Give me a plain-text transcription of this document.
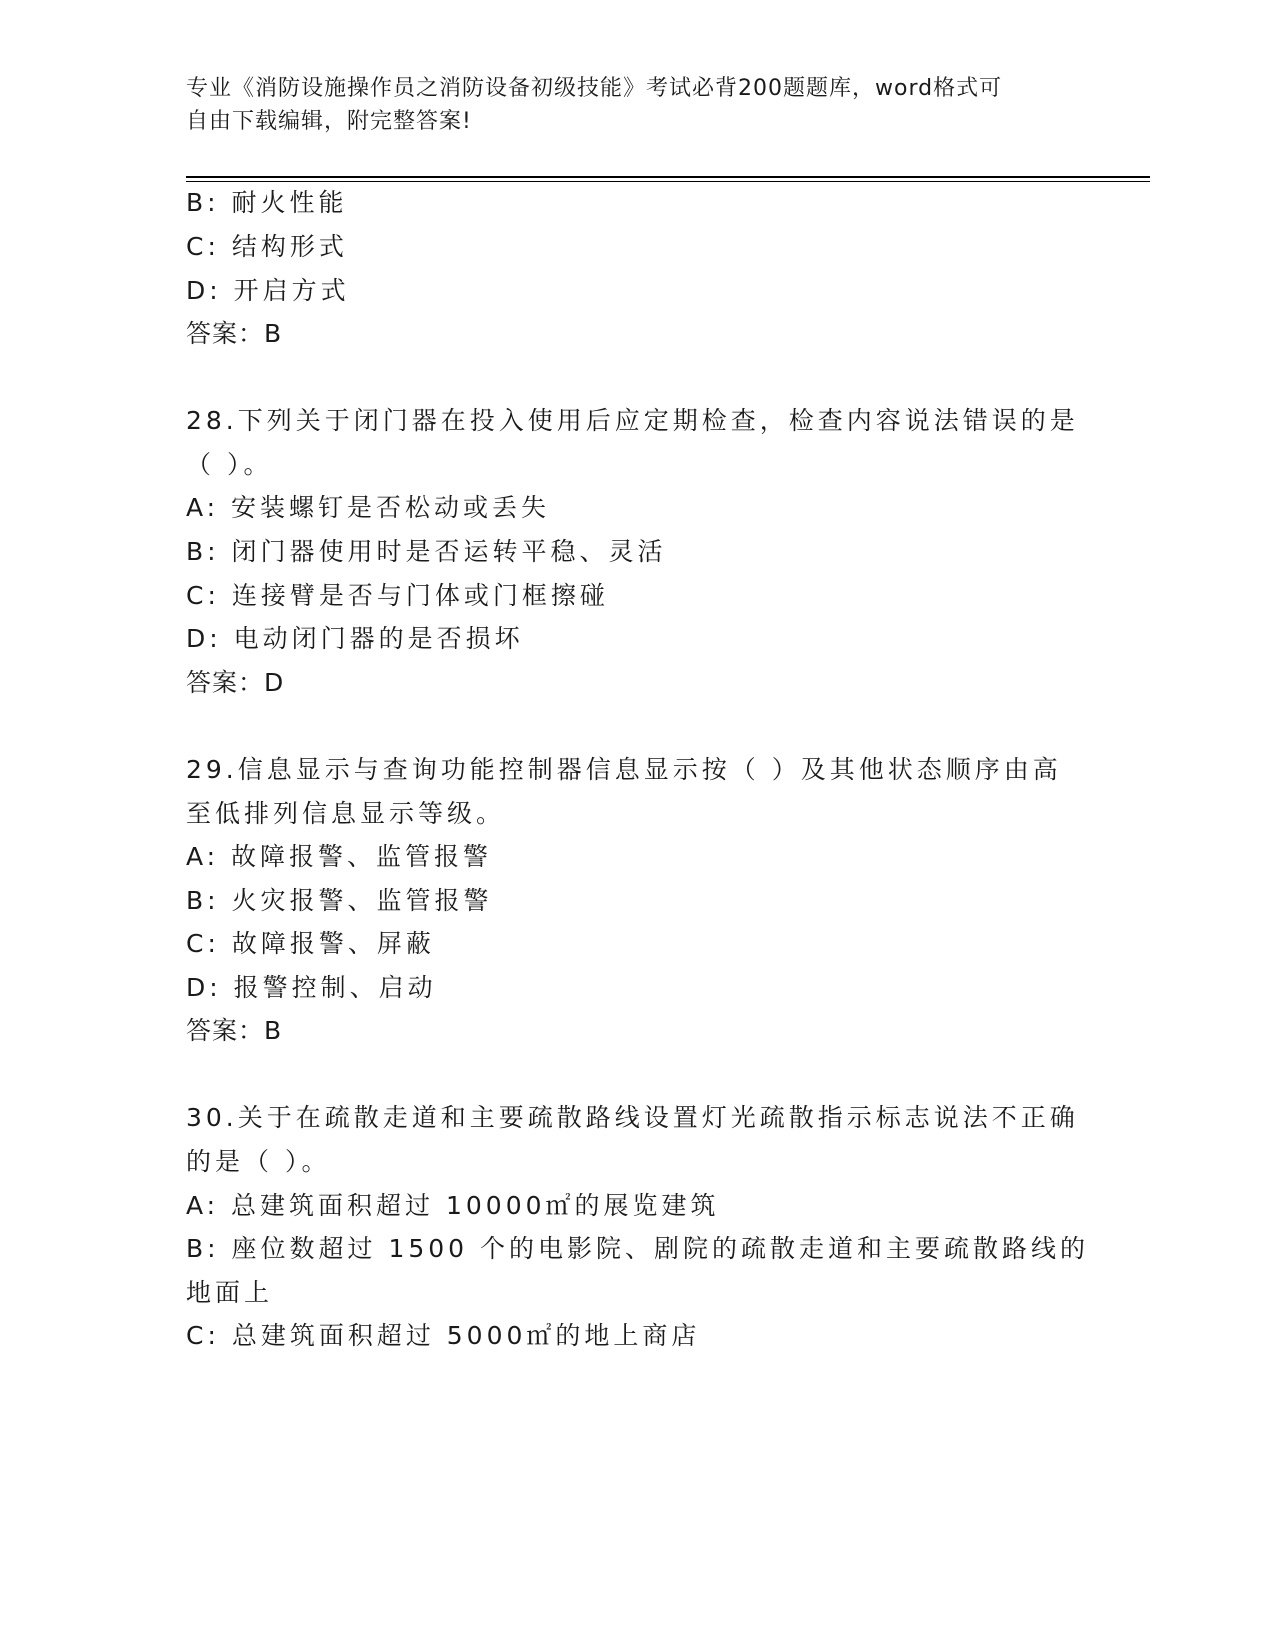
专业《消防设施操作员之消防设备初级技能》考试必背200题题库，word格式可
自由下载编辑，附完整答案!
B: 耐火性能
C: 结构形式
D: 开启方式
答案：B
28.下列关于闭门器在投入使用后应定期检查，检查内容说法错误的是
（ ）。
A: 安装螺钉是否松动或丢失
B: 闭门器使用时是否运转平稳、灵活
C: 连接臂是否与门体或门框擦碰
D: 电动闭门器的是否损坏
答案：D
29.信息显示与查询功能控制器信息显示按（ ）及其他状态顺序由高
至低排列信息显示等级。
A: 故障报警、监管报警
B: 火灾报警、监管报警
C: 故障报警、屏蔽
D: 报警控制、启动
答案：B
30.关于在疏散走道和主要疏散路线设置灯光疏散指示标志说法不正确
的是（ ）。
A: 总建筑面积超过 10000㎡的展览建筑
B: 座位数超过 1500 个的电影院、剧院的疏散走道和主要疏散路线的
地面上
C: 总建筑面积超过 5000㎡的地上商店
